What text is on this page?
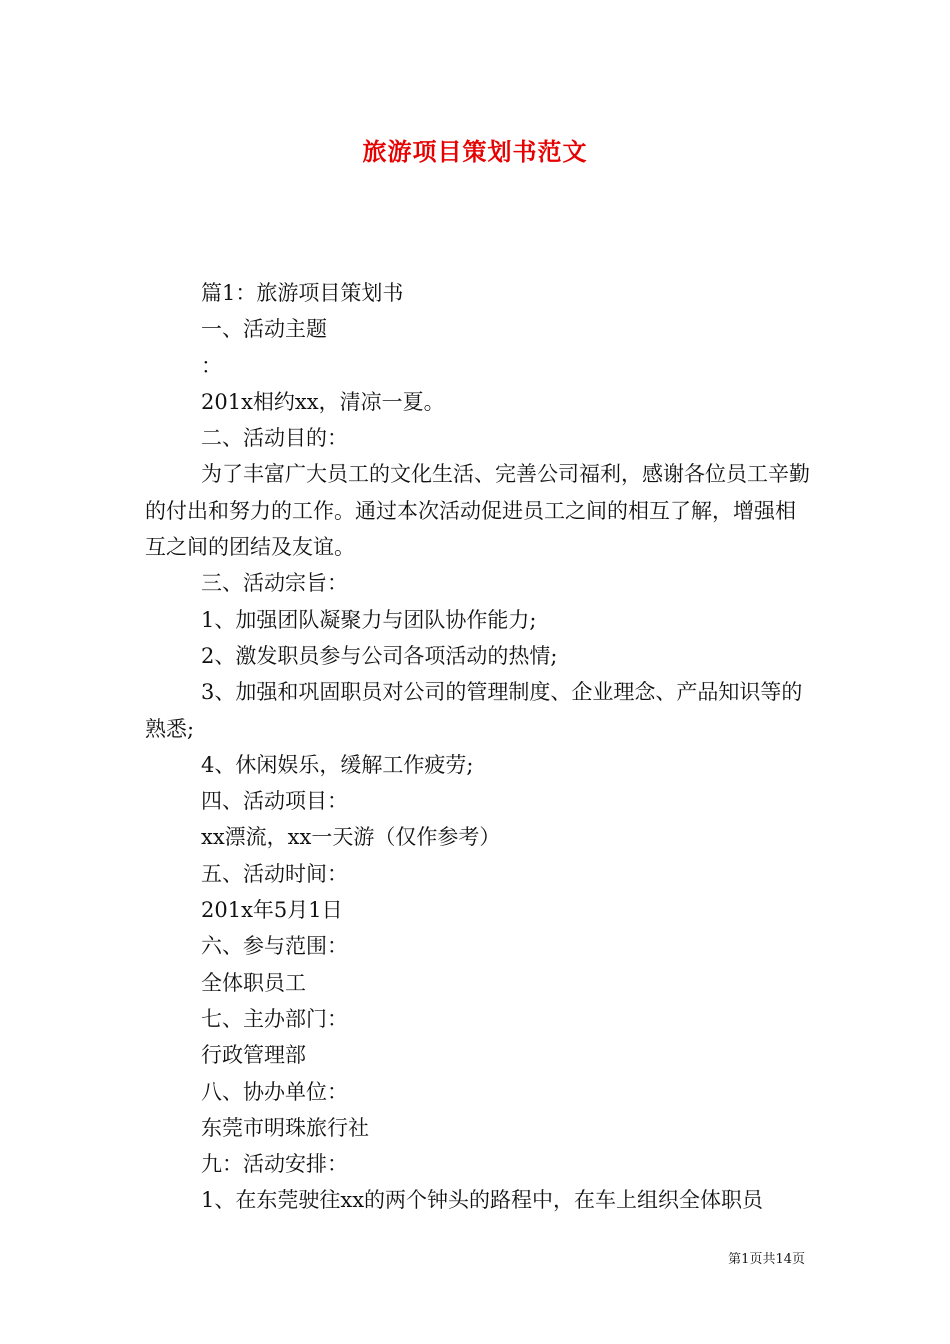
旅游项目策划书范文

篇1：旅游项目策划书

一、活动主题

：

201x相约xx，清凉一夏。

二、活动目的：

为了丰富广大员工的文化生活、完善公司福利，感谢各位员工辛勤的付出和努力的工作。通过本次活动促进员工之间的相互了解，增强相互之间的团结及友谊。

三、活动宗旨：

1、加强团队凝聚力与团队协作能力;

2、激发职员参与公司各项活动的热情;

3、加强和巩固职员对公司的管理制度、企业理念、产品知识等的熟悉;

4、休闲娱乐，缓解工作疲劳;

四、活动项目：

xx漂流，xx一天游（仅作参考）

五、活动时间：

201x年5月1日

六、参与范围：

全体职员工

七、主办部门：

行政管理部

八、协办单位：

东莞市明珠旅行社

九：活动安排：

1、在东莞驶往xx的两个钟头的路程中，在车上组织全体职员

第1页共14页
